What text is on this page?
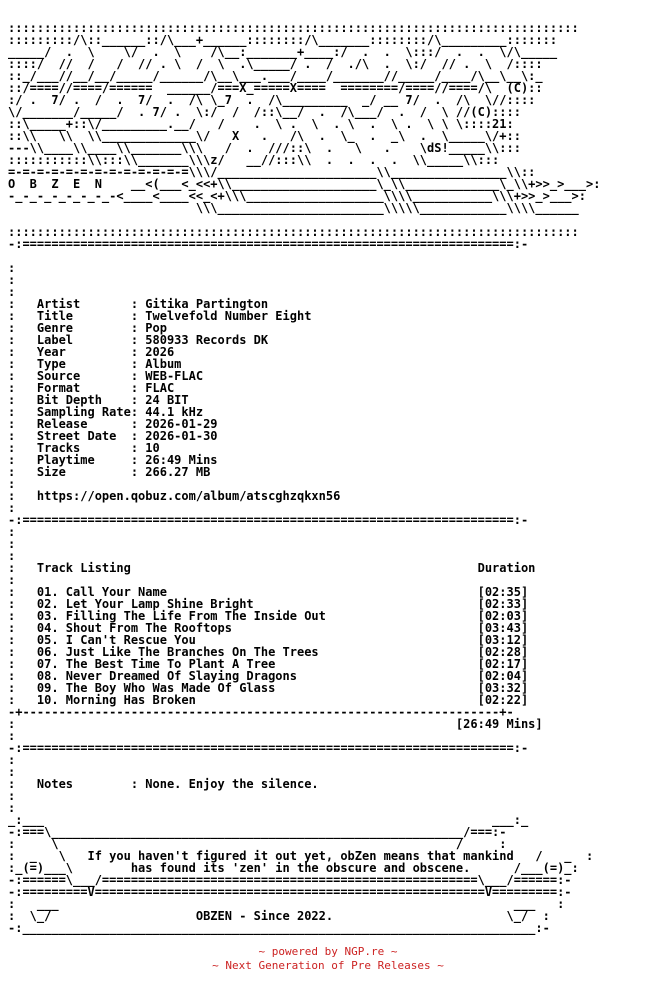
:::::::::::::::::::::::::::::::::::::::::::::::::::::::::::::::::::::::::::::::
:::::::::/\::______::/\___+______::::::::/\_______::::::::/\_________:::::::
_____/  .  \    \/  .  \    /\__:_______+____:/  .  .  \:::/  .  .  \/\_____
::::/  //  /   /  // . \  /  \  .\_____/ .  /  ./\  .  \:/  // .  \  /::::
::_/___//__/__/_____/______/\__\___.___/____/_______//_____/____/\__\__\:_
::/====//====/======  ______/===X_=====X====  ========/====//====/\  (C)::
:/ .  7/ .  /  .  7/  .  /\ \_7  .  /\_________  _/ __ 7/  .  /\  \//::::
\/_______/_____/  . 7/ .  \:/  /  /::\__/  .  /\___/  .  /  \ //(C)::::
::\_____+::\/_________.__/   /    .  \ .  \  . \  .  \ .  \ \ \::::21:
::\\   \\  \\_____________\/   X   .   /\  .  \_  .  _\  .  \_____\/+::
---\\____\\____\\_______\\\   /  .  ///::\  .   \   .    \dS!_____\\:::
:::::::::::\\:::\\_______\\\z/   __//:::\\  .  .  .  .  \\_____\\:::
=-=-=-=-=-=-=-=-=-=-=-=-=\\\/______________________\\________________\\::
O  B  Z  E  N    __<(___<_<<+\\____________________\_\\_____________\_\\+>>_>___>:
-_-_-_-_-_-_-_-<____<____<<_<+\\\___________________\\\\___________\\\+>>_>___>:
\\\_______________________\\\\\____________\\\\______
:::::::::::::::::::::::::::::::::::::::::::::::::::::::::::::::::::::::::::::::
-:====================================================================:-
:
:
:
:   Artist       : Gitika Partington
:   Title        : Twelvefold Number Eight
:   Genre        : Pop
:   Label        : 580933 Records DK
:   Year         : 2026
:   Type         : Album
:   Source       : WEB-FLAC
:   Format       : FLAC
:   Bit Depth    : 24 BIT
:   Sampling Rate: 44.1 kHz
:   Release      : 2026-01-29
:   Street Date  : 2026-01-30
:   Tracks       : 10
:   Playtime     : 26:49 Mins
:   Size         : 266.27 MB
:
:   https://open.qobuz.com/album/atscghzqkxn56
:
-:====================================================================:-
:
:
:
:   Track Listing                                                Duration
:
:   01. Call Your Name                                           [02:35]
:   02. Let Your Lamp Shine Bright                               [02:33]
:   03. Filling The Life From The Inside Out                     [02:03]
:   04. Shout From The Rooftops                                  [03:43]
:   05. I Can't Rescue You                                       [03:12]
:   06. Just Like The Branches On The Trees                      [02:28]
:   07. The Best Time To Plant A Tree                            [02:17]
:   08. Never Dreamed Of Slaying Dragons                         [02:04]
:   09. The Boy Who Was Made Of Glass                            [03:32]
:   10. Morning Has Broken                                       [02:22]
-+------------------------------------------------------------------+-
:                                                             [26:49 Mins]
:
-:====================================================================:-
:
:
:   Notes        : None. Enjoy the silence.
:
:
_:___                                                              ___:_
-:===\_________________________________________________________/===:-
:     \                                                       /     :
:  _   \   If you haven't figured it out yet, obZen means that mankind   /   _  :
:_(=)___\        has found its 'zen' in the obscure and obscene.      /___(=)_:
-:======\___/====================================================\___/======:-
-:=========V======================================================V=========:-
:   ___                                                               ___   :
:  \_/                    OBZEN - Since 2022.                        \_/  :
-:_______________________________________________________________________:-
~ powered by NGP.re ~
~ Next Generation of Pre Releases ~
